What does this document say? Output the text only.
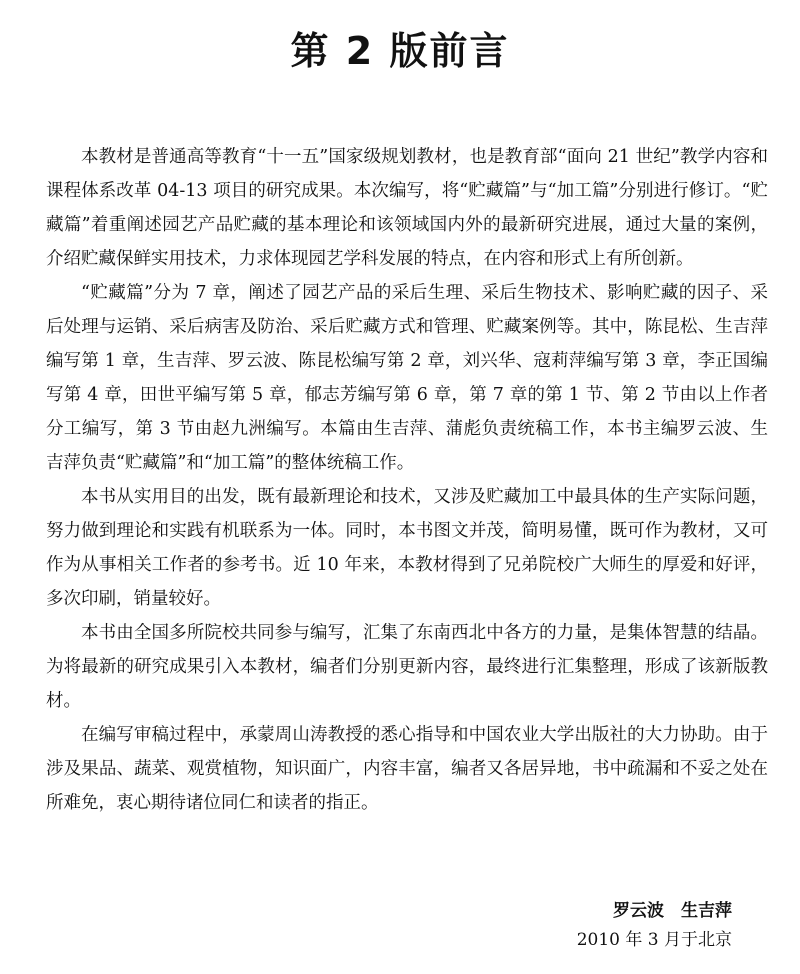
第 2 版前言

本教材是普通高等教育“十一五”国家级规划教材，也是教育部“面向 21 世纪”教学内容和课程体系改革 04-13 项目的研究成果。本次编写，将“贮藏篇”与“加工篇”分别进行修订。“贮藏篇”着重阐述园艺产品贮藏的基本理论和该领域国内外的最新研究进展，通过大量的案例，介绍贮藏保鲜实用技术，力求体现园艺学科发展的特点，在内容和形式上有所创新。

“贮藏篇”分为 7 章，阐述了园艺产品的采后生理、采后生物技术、影响贮藏的因子、采后处理与运销、采后病害及防治、采后贮藏方式和管理、贮藏案例等。其中，陈昆松、生吉萍编写第 1 章，生吉萍、罗云波、陈昆松编写第 2 章，刘兴华、寇莉萍编写第 3 章，李正国编写第 4 章，田世平编写第 5 章，郁志芳编写第 6 章，第 7 章的第 1 节、第 2 节由以上作者分工编写，第 3 节由赵九洲编写。本篇由生吉萍、蒲彪负责统稿工作，本书主编罗云波、生吉萍负责“贮藏篇”和“加工篇”的整体统稿工作。

本书从实用目的出发，既有最新理论和技术，又涉及贮藏加工中最具体的生产实际问题，努力做到理论和实践有机联系为一体。同时，本书图文并茂，简明易懂，既可作为教材，又可作为从事相关工作者的参考书。近 10 年来，本教材得到了兄弟院校广大师生的厚爱和好评，多次印刷，销量较好。

本书由全国多所院校共同参与编写，汇集了东南西北中各方的力量，是集体智慧的结晶。为将最新的研究成果引入本教材，编者们分别更新内容，最终进行汇集整理，形成了该新版教材。

在编写审稿过程中，承蒙周山涛教授的悉心指导和中国农业大学出版社的大力协助。由于涉及果品、蔬菜、观赏植物，知识面广，内容丰富，编者又各居异地，书中疏漏和不妥之处在所难免，衷心期待诸位同仁和读者的指正。

罗云波　生吉萍
2010 年 3 月于北京
